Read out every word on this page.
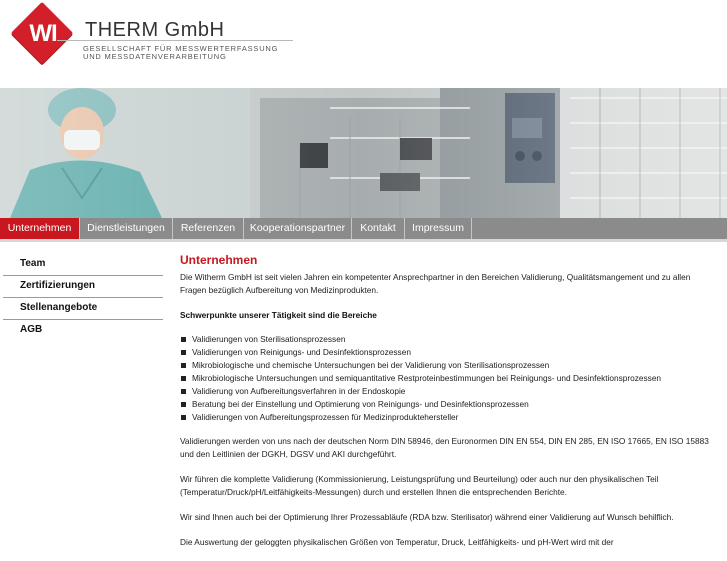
WI	THERM GmbH
GESELLSCHAFT FÜR MESSWERTERFASSUNG
UND MESSDATENVERARBEITUNG
Unternehmen	Dienstleistungen	Referenzen	Kooperationspartner	Kontakt	Impressum
Team
Zertifizierungen
Stellenangebote
AGB
Unternehmen

Die Witherm GmbH ist seit vielen Jahren ein kompetenter Ansprechpartner in den Bereichen Validierung, Qualitätsmangement und zu allen Fragen bezüglich Aufbereitung von Medizinprodukten.

Schwerpunkte unserer Tätigkeit sind die Bereiche

Validierungen von Sterilisationsprozessen
Validierungen von Reinigungs- und Desinfektionsprozessen
Mikrobiologische und chemische Untersuchungen bei der Validierung von Sterilisationsprozessen
Mikrobiologische Untersuchungen und semiquantitative Restproteinbestimmungen bei Reinigungs- und Desinfektionsprozessen
Validierung von Aufbereitungsverfahren in der Endoskopie
Beratung bei der Einstellung und Optimierung von Reinigungs- und Desinfektionsprozessen
Validierungen von Aufbereitungsprozessen für Medizinproduktehersteller

Validierungen werden von uns nach der deutschen Norm DIN 58946, den Euronormen DIN EN 554, DIN EN 285, EN ISO 17665, EN ISO 15883 und den Leitlinien der DGKH, DGSV und AKI durchgeführt.

Wir führen die komplette Validierung (Kommissionierung, Leistungsprüfung und Beurteilung) oder auch nur den physikalischen Teil (Temperatur/Druck/pH/Leitfähigkeits-Messungen) durch und erstellen Ihnen die entsprechenden Berichte.

Wir sind Ihnen auch bei der Optimierung Ihrer Prozessabläufe (RDA bzw. Sterilisator) während einer Validierung auf Wunsch behilflich.

Die Auswertung der geloggten physikalischen Größen von Temperatur, Druck, Leitfähigkeits- und pH-Wert wird mit der
